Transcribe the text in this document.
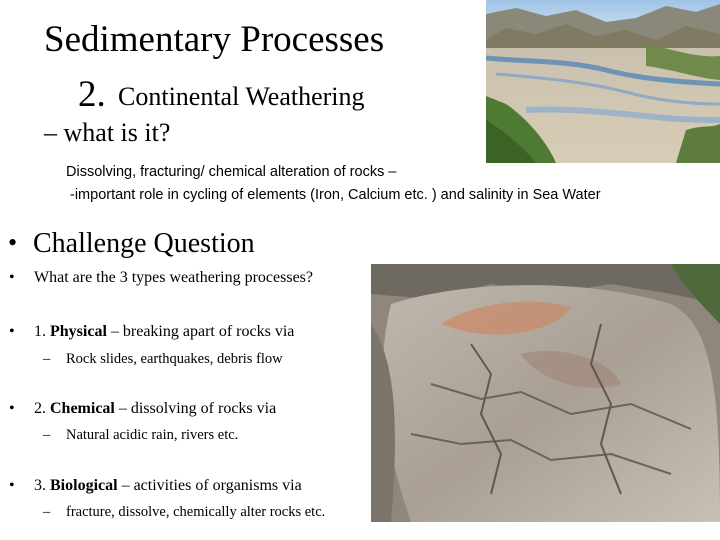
Sedimentary Processes
2. Continental Weathering
– what is it?
Dissolving, fracturing/ chemical alteration of rocks –
-important role in cycling of elements (Iron, Calcium etc. ) and salinity in Sea Water
• Challenge Question
• What are the 3 types weathering processes?
• 1. Physical – breaking apart of rocks via
– Rock slides, earthquakes, debris flow
• 2. Chemical – dissolving of rocks via
– Natural acidic rain, rivers etc.
• 3. Biological – activities of organisms via
– fracture, dissolve, chemically alter rocks etc.
